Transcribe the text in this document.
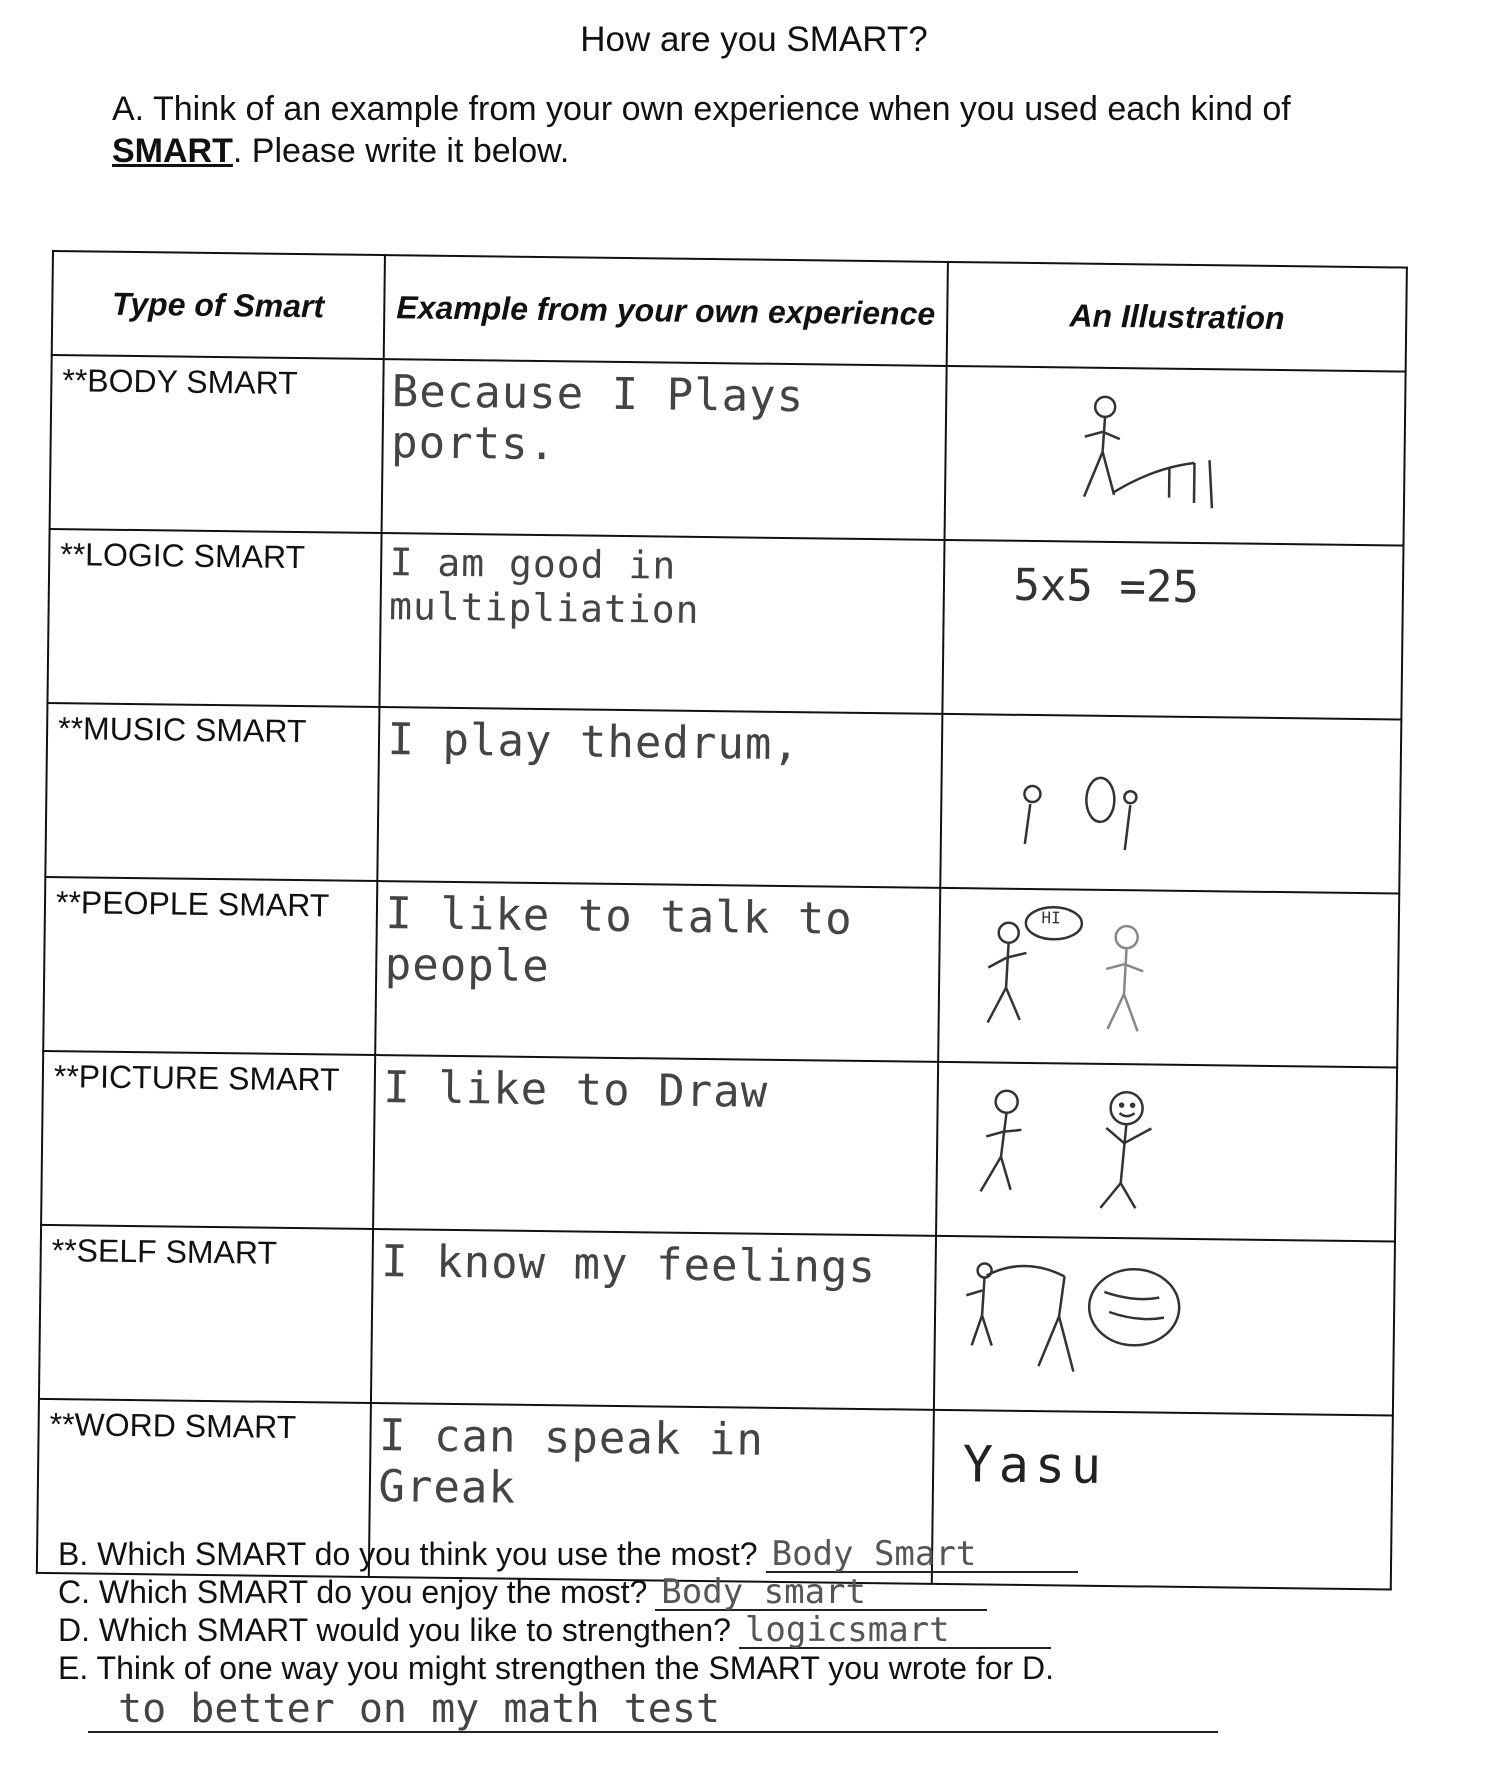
How are you SMART?
A. Think of an example from your own experience when you used each kind of SMART. Please write it below.
Type of Smart	Example from your own experience	An Illustration
**BODY SMART	Because I Plays ports.

**LOGIC SMART	I am good in multipliation	5x5 =25

**MUSIC SMART	I play thedrum,

**PEOPLE SMART	I like to talk to people	HI

**PICTURE SMART	I like to Draw

**SELF SMART	I know my feelings

**WORD SMART	I can speak in Greak	Yasu
B. Which SMART do you think you use the most? Body Smart
C. Which SMART do you enjoy the most? Body smart
D. Which SMART would you like to strengthen? logicsmart
E. Think of one way you might strengthen the SMART you wrote for D.
to better on my math test
